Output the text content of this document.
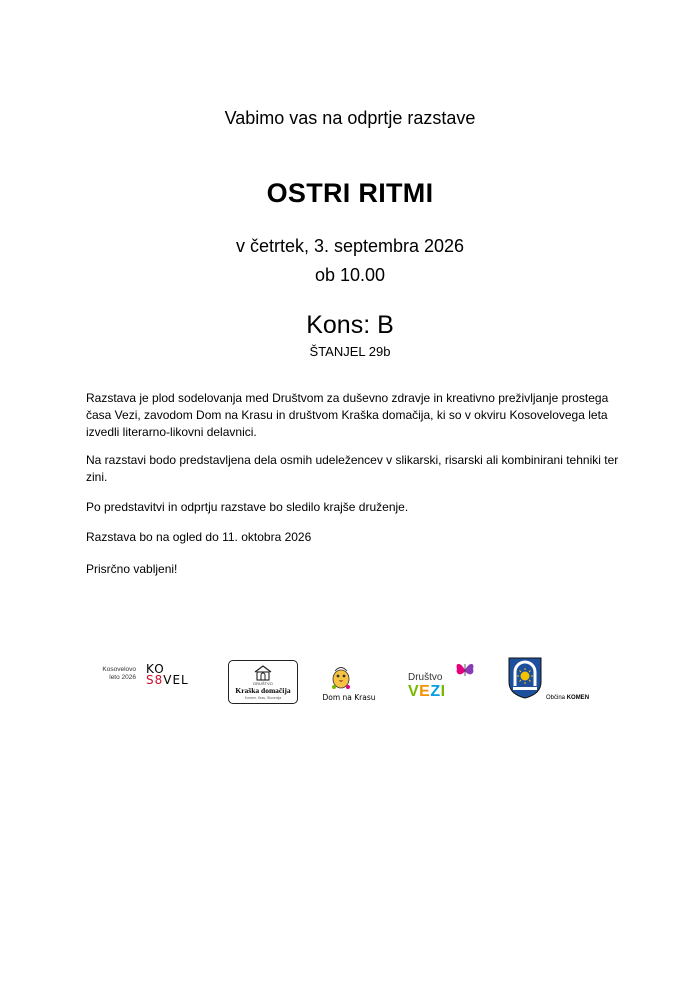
Vabimo vas na odprtje razstave
OSTRI RITMI
v četrtek, 3. septembra 2026
ob 10.00
Kons: B
ŠTANJEL 29b
Razstava je plod sodelovanja med Društvom za duševno zdravje in kreativno preživljanje prostega časa Vezi, zavodom Dom na Krasu in društvom Kraška domačija, ki so v okviru Kosovelovega leta izvedli literarno-likovni delavnici.
Na razstavi bodo predstavljena dela osmih udeležencev v slikarski, risarski ali kombinirani tehniki ter zini.
Po predstavitvi in odprtju razstave bo sledilo krajše druženje.
Razstava bo na ogled do 11. oktobra 2026
Prisrčno vabljeni!
Kosovelovo
leto 2026
KO
S8VEL	DRUŠTVO
Kraška domačija
Komen, Kras, Slovenija	Dom na Krasu
Društvo
VEZI	Občina KOMEN
